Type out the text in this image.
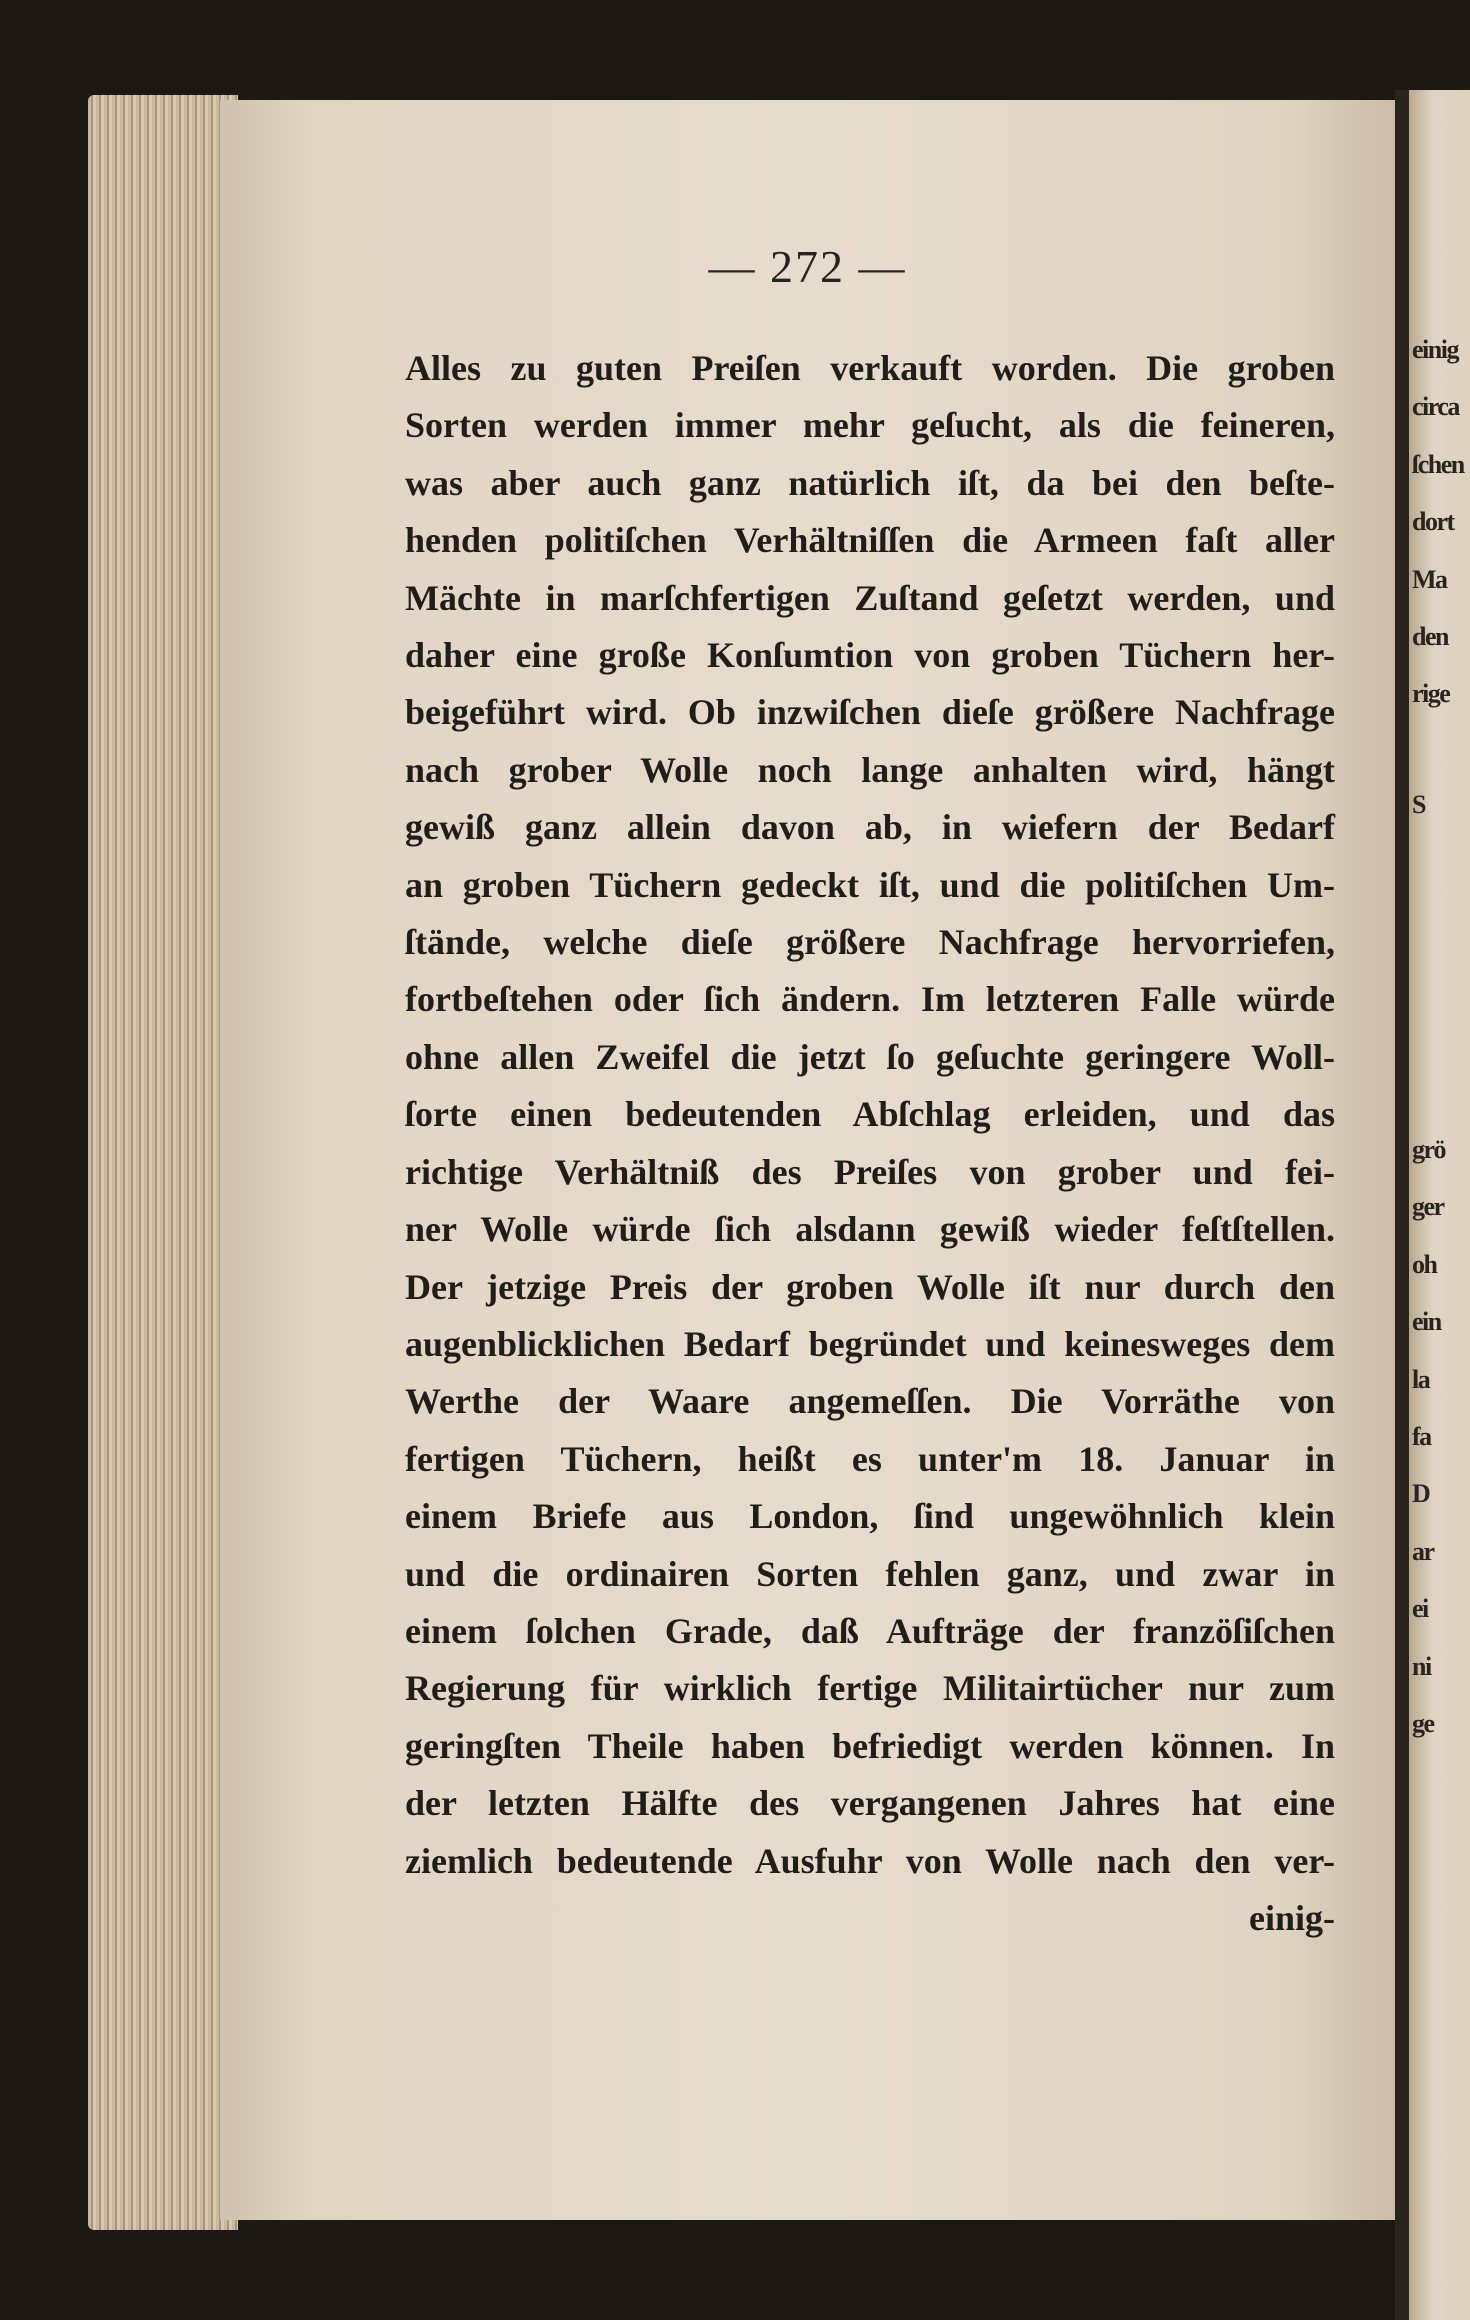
— 272 —
Alles zu guten Preiſen verkauft worden. Die groben
Sorten werden immer mehr geſucht, als die feineren,
was aber auch ganz natürlich iſt, da bei den beſte-
henden politiſchen Verhältniſſen die Armeen faſt aller
Mächte in marſchfertigen Zuſtand geſetzt werden, und
daher eine große Konſumtion von groben Tüchern her-
beigeführt wird. Ob inzwiſchen dieſe größere Nachfrage
nach grober Wolle noch lange anhalten wird, hängt
gewiß ganz allein davon ab, in wiefern der Bedarf
an groben Tüchern gedeckt iſt, und die politiſchen Um-
ſtände, welche dieſe größere Nachfrage hervorriefen,
fortbeſtehen oder ſich ändern. Im letzteren Falle würde
ohne allen Zweifel die jetzt ſo geſuchte geringere Woll-
ſorte einen bedeutenden Abſchlag erleiden, und das
richtige Verhältniß des Preiſes von grober und fei-
ner Wolle würde ſich alsdann gewiß wieder feſtſtellen.
Der jetzige Preis der groben Wolle iſt nur durch den
augenblicklichen Bedarf begründet und keinesweges dem
Werthe der Waare angemeſſen. Die Vorräthe von
fertigen Tüchern, heißt es unter'm 18. Januar in
einem Briefe aus London, ſind ungewöhnlich klein
und die ordinairen Sorten fehlen ganz, und zwar in
einem ſolchen Grade, daß Aufträge der franzöſiſchen
Regierung für wirklich fertige Militairtücher nur zum
geringſten Theile haben befriedigt werden können. In
der letzten Hälfte des vergangenen Jahres hat eine
ziemlich bedeutende Ausfuhr von Wolle nach den ver-
einig-
einig
circa
ſchen
dort
Ma
den
rige
S
grö
ger
oh
ein
la
fa
D
ar
ei
ni
ge
